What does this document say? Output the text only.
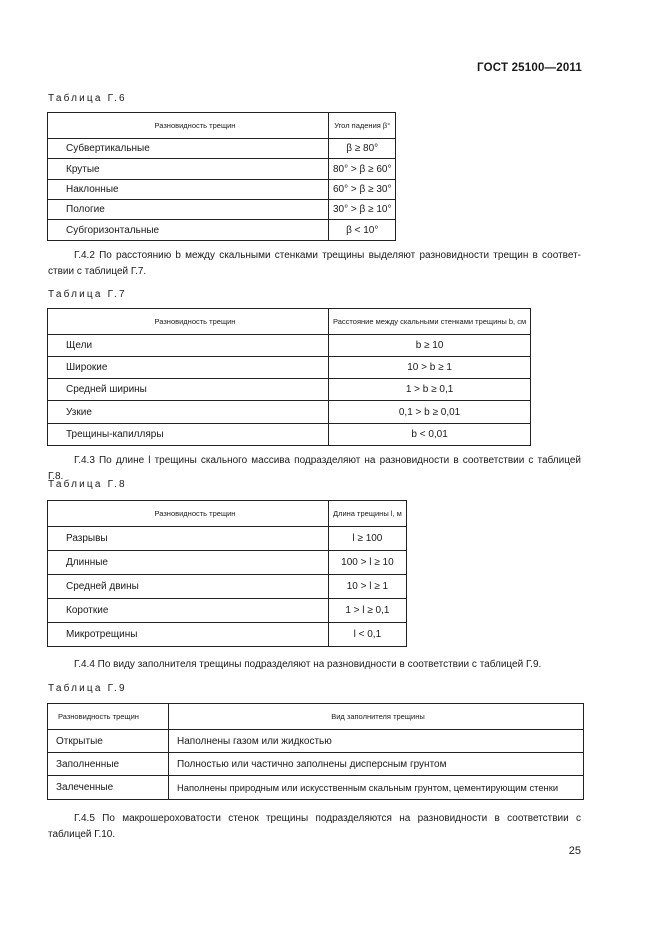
ГОСТ 25100—2011
Таблица Г.6
Разновидность трещин	Угол падения β°
Субвертикальные	β ≥ 80°
Крутые	80° > β ≥ 60°
Наклонные	60° > β ≥ 30°
Пологие	30° > β ≥ 10°
Субгоризонтальные	β < 10°
Г.4.2 По расстоянию b между скальными стенками трещины выделяют разновидности трещин в соответ-ствии с таблицей Г.7.
Таблица Г.7
Разновидность трещин	Расстояние между скальными стенками трещины b, см
Щели	b ≥ 10
Широкие	10 > b ≥ 1
Средней ширины	1 > b ≥ 0,1
Узкие	0,1 > b ≥ 0,01
Трещины-капилляры	b < 0,01
Г.4.3 По длине l трещины скального массива подразделяют на разновидности в соответствии с таблицей Г.8.
Таблица Г.8
Разновидность трещин	Длина трещины l, м
Разрывы	l ≥ 100
Длинные	100 > l ≥ 10
Средней двины	10 > l ≥ 1
Короткие	1 > l ≥ 0,1
Микротрещины	l < 0,1
Г.4.4 По виду заполнителя трещины подразделяют на разновидности в соответствии с таблицей Г.9.
Таблица Г.9
Разновидность трещин	Вид заполнителя трещины
Открытые	Наполнены газом или жидкостью
Заполненные	Полностью или частично заполнены дисперсным грунтом
Залеченные	Наполнены природным или искусственным скальным грунтом, цементирующим стенки
Г.4.5 По макрошероховатости стенок трещины подразделяются на разновидности в соответствии с таблицей Г.10.
25
